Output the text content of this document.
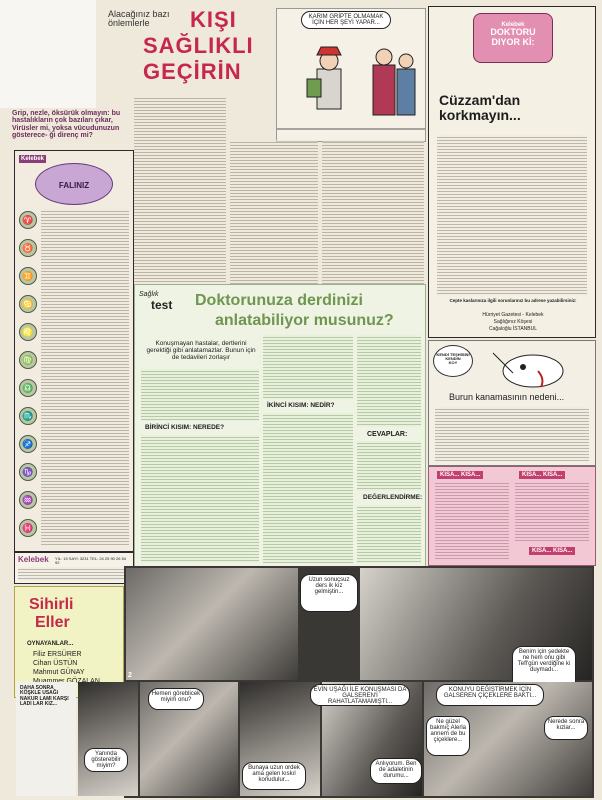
Grip, nezle, öksürük olmayın: bu hastalıkların çok bazıları çıkar, Virüsler mi, yoksa vücudunuzun gösterece- ği direnç mi?
Alacağınız bazı önlemlerle	KIŞI
SAĞLIKLI
GEÇİRİN
KARIM GRİPTE OLMAMAK İÇİN HER ŞEYİ YAPAR...
Kelebek
FALINIZ
♈
♉
♊
♋
♌
♍
♎
♏
♐
♑
♒
♓
Kelebek YIL: 15 SAYI: 3231 TEL: 24 25 90 26 54 92
Kelebek
DOKTORU
DIYOR Kİ:
Cüzzam'dan korkmayın...
Cepte kaslarınıza ilgili sorunlarınız bu adrese yazabilirsiniz:
Hürriyet Gazetesi - Kelebek
Sağlığınız Köşesi
Cağaloğlu İSTANBUL
Sağlık
test Doktorunuza derdinizi
anlatabiliyor musunuz?
Konuşmayan hastalar, dertlerini gerektiği gibi anlatamazlar. Bunun için de tedavileri zorlaşır
BİRİNCİ KISIM: NEREDE?
İKİNCİ KISIM: NEDİR?
CEVAPLAR:
DEĞERLENDİRME:
KENDİ TEŞHİSİNİ
KENDİN
KOY
Burun kanamasının nedeni...
KISA... KISA...	KISA... KISA...
KISA... KISA...
Sihirli
Eller
OYNAYANLAR...
Filiz ERSÜRER
Cihan ÜSTÜN
Mahmut GÜNAY	2
Uzun sonuçsuz ders ik kız gelmiştin...
Benim için şedekte ne hem onu gibi Tefl'gün verdiğine ki duymadı...
DAHA SONRA KÖŞKLE USAĞI NAKUR LAMI KARŞI LADI LAR KIZ...
Yanında gösterebilir miyim?
Hemen göreblicek miyim onu?
Bunaya uzun ordek ama gelen kıskıl konudulur...
EVİN UŞAĞI İLE KONUŞMASI DA GALSEREN'İ RAHATLATAMAMIŞTI...
Anlıyorum. Ben de adaletinin durumu...
KONUYU DEĞİŞTİRMEK İÇİN GALSEREN ÇİÇEKLERE BAKTI...
Ne güzel bakmıç Alerla annem de bu çiçeklere...
Nerede sonra kızlar...
